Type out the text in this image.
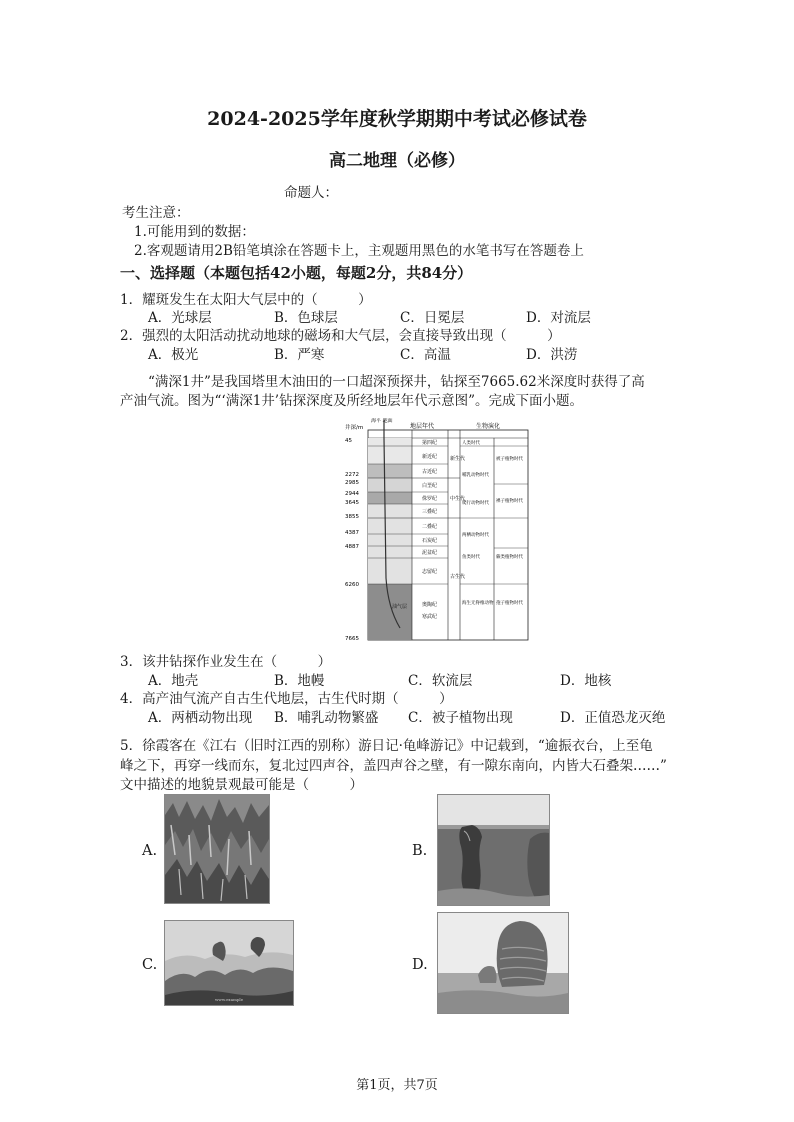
2024-2025学年度秋学期期中考试必修试卷
高二地理（必修）
命题人：
考生注意：
1.可能用到的数据：
2.客观题请用2B铅笔填涂在答题卡上，主观题用黑色的水笔书写在答题卷上
一、选择题（本题包括42小题，每题2分，共84分）
1．耀斑发生在太阳大气层中的（　　　）
A．光球层	B．色球层	C．日冕层	D．对流层
2．强烈的太阳活动扰动地球的磁场和大气层，会直接导致出现（　　　）
A．极光	B．严寒	C．高温	D．洪涝
“满深1井”是我国塔里木油田的一口超深预探井，钻探至7665.62米深度时获得了高
产油气流。图为“‘满深1井’钻探深度及所经地层年代示意图”。完成下面小题。
井深/m
海平 地面
地层年代	生物演化
45
2272
2985
2944
3645
3855
4387
4887
6260
7665
第四纪
新近纪
古近纪
白垩纪
侏罗纪
三叠纪
二叠纪
石炭纪
泥盆纪
志留纪
奥陶纪
寒武纪
新生代
中生代
古生代
人类时代
哺乳动物时代
爬行动物时代
两栖动物时代
鱼类时代
海生无脊椎动物
被子植物时代
裸子植物时代
蕨类植物时代
孢子植物时代
油气层
3．该井钻探作业发生在（　　　）
A．地壳	B．地幔	C．软流层	D．地核
4．高产油气流产自古生代地层，古生代时期（　　　）
A．两栖动物出现 B．哺乳动物繁盛 C．被子植物出现	D．正值恐龙灭绝
5．徐霞客在《江右（旧时江西的别称）游日记·龟峰游记》中记载到，“逾振衣台，上至龟
峰之下，再穿一线而东，复北过四声谷，盖四声谷之壁，有一隙东南向，内皆大石叠架……”
文中描述的地貌景观最可能是（　　　）
A.	B.
C.
www.example
D.
第1页，共7页
